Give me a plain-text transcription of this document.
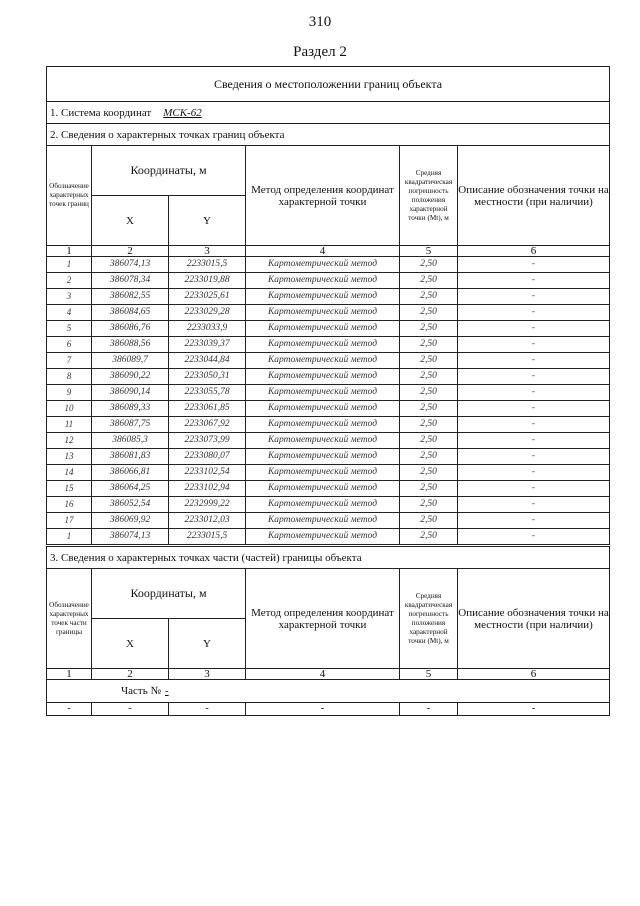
310
Раздел 2
Сведения о местоположении границ объекта					
1. Система координат МСК-62					
2. Сведения о характерных точках границ объекта					
Обозначение характерных точек границ	Координаты, м		Метод определения координат характерной точки	Средняя квадратическая погрешность положения характерной точки (Mt), м	Описание обозначения точки на местности (при наличии)
	X	Y			
1	2	3	4	5	6
1	386074,13	2233015,5	Картометрический метод	2,50	-
2	386078,34	2233019,88	Картометрический метод	2,50	-
3	386082,55	2233025,61	Картометрический метод	2,50	-
4	386084,65	2233029,28	Картометрический метод	2,50	-
5	386086,76	2233033,9	Картометрический метод	2,50	-
6	386088,56	2233039,37	Картометрический метод	2,50	-
7	386089,7	2233044,84	Картометрический метод	2,50	-
8	386090,22	2233050,31	Картометрический метод	2,50	-
9	386090,14	2233055,78	Картометрический метод	2,50	-
10	386089,33	2233061,85	Картометрический метод	2,50	-
11	386087,75	2233067,92	Картометрический метод	2,50	-
12	386085,3	2233073,99	Картометрический метод	2,50	-
13	386081,83	2233080,07	Картометрический метод	2,50	-
14	386066,81	2233102,54	Картометрический метод	2,50	-
15	386064,25	2233102,94	Картометрический метод	2,50	-
16	386052,54	2232999,22	Картометрический метод	2,50	-
17	386069,92	2233012,03	Картометрический метод	2,50	-
1	386074,13	2233015,5	Картометрический метод	2,50	-
3. Сведения о характерных точках части (частей) границы объекта					
Обозначение характерных точек части границы	Координаты, м		Метод определения координат характерной точки	Средняя квадратическая погрешность положения характерной точки (Mt), м	Описание обозначения точки на местности (при наличии)
	X	Y			
1	2	3	4	5	6
Часть № -					
-	-	-	-	-	-
